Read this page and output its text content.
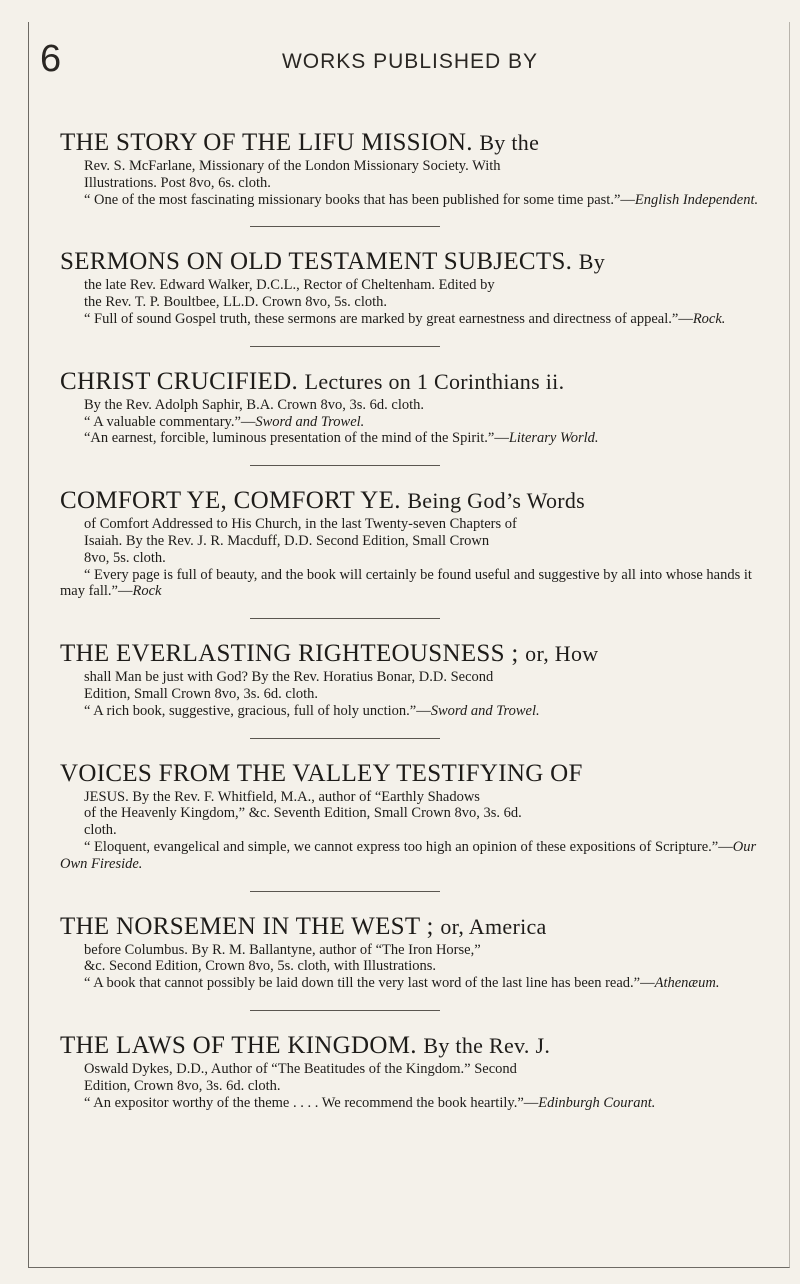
6	WORKS PUBLISHED BY

THE STORY OF THE LIFU MISSION. By the

Rev. S. McFarlane, Missionary of the London Missionary Society. With
Illustrations. Post 8vo, 6s. cloth.

“ One of the most fascinating missionary books that has been published for some time past.”—English Independent.

SERMONS ON OLD TESTAMENT SUBJECTS. By

the late Rev. Edward Walker, D.C.L., Rector of Cheltenham. Edited by
the Rev. T. P. Boultbee, LL.D. Crown 8vo, 5s. cloth.

“ Full of sound Gospel truth, these sermons are marked by great earnestness and directness of appeal.”—Rock.

CHRIST CRUCIFIED. Lectures on 1 Corinthians ii.

By the Rev. Adolph Saphir, B.A. Crown 8vo, 3s. 6d. cloth.

“ A valuable commentary.”—Sword and Trowel.

“An earnest, forcible, luminous presentation of the mind of the Spirit.”—Literary World.

COMFORT YE, COMFORT YE. Being God’s Words

of Comfort Addressed to His Church, in the last Twenty-seven Chapters of
Isaiah. By the Rev. J. R. Macduff, D.D. Second Edition, Small Crown
8vo, 5s. cloth.

“ Every page is full of beauty, and the book will certainly be found useful and suggestive by all into whose hands it may fall.”—Rock

THE EVERLASTING RIGHTEOUSNESS ; or, How

shall Man be just with God? By the Rev. Horatius Bonar, D.D. Second
Edition, Small Crown 8vo, 3s. 6d. cloth.

“ A rich book, suggestive, gracious, full of holy unction.”—Sword and Trowel.

VOICES FROM THE VALLEY TESTIFYING OF

JESUS. By the Rev. F. Whitfield, M.A., author of “Earthly Shadows
of the Heavenly Kingdom,” &c. Seventh Edition, Small Crown 8vo, 3s. 6d.
cloth.

“ Eloquent, evangelical and simple, we cannot express too high an opinion of these expositions of Scripture.”—Our Own Fireside.

THE NORSEMEN IN THE WEST ; or, America

before Columbus. By R. M. Ballantyne, author of “The Iron Horse,”
&c. Second Edition, Crown 8vo, 5s. cloth, with Illustrations.

“ A book that cannot possibly be laid down till the very last word of the last line has been read.”—Athenæum.

THE LAWS OF THE KINGDOM. By the Rev. J.

Oswald Dykes, D.D., Author of “The Beatitudes of the Kingdom.” Second
Edition, Crown 8vo, 3s. 6d. cloth.

“ An expositor worthy of the theme . . . . We recommend the book heartily.”—Edinburgh Courant.
